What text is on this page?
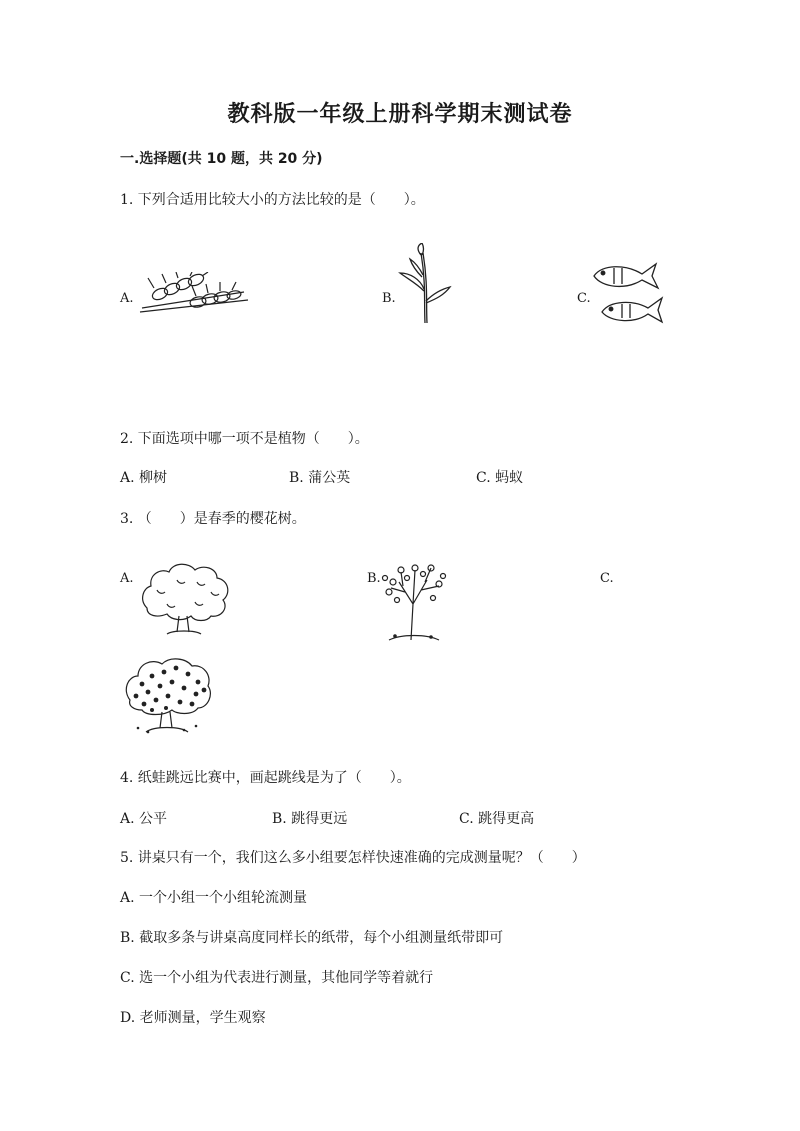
教科版一年级上册科学期末测试卷
一.选择题(共 10 题，共 20 分)
1. 下列合适用比较大小的方法比较的是（　　）。
A.	B.	C.
2. 下面选项中哪一项不是植物（　　）。
A. 柳树	B. 蒲公英	C. 蚂蚁
3. （　　）是春季的樱花树。
A.	B.	C.
4. 纸蛙跳远比赛中，画起跳线是为了（　　）。
A. 公平	B. 跳得更远	C. 跳得更高
5. 讲桌只有一个，我们这么多小组要怎样快速准确的完成测量呢？（　　）
A. 一个小组一个小组轮流测量
B. 截取多条与讲桌高度同样长的纸带，每个小组测量纸带即可
C. 选一个小组为代表进行测量，其他同学等着就行
D. 老师测量，学生观察
